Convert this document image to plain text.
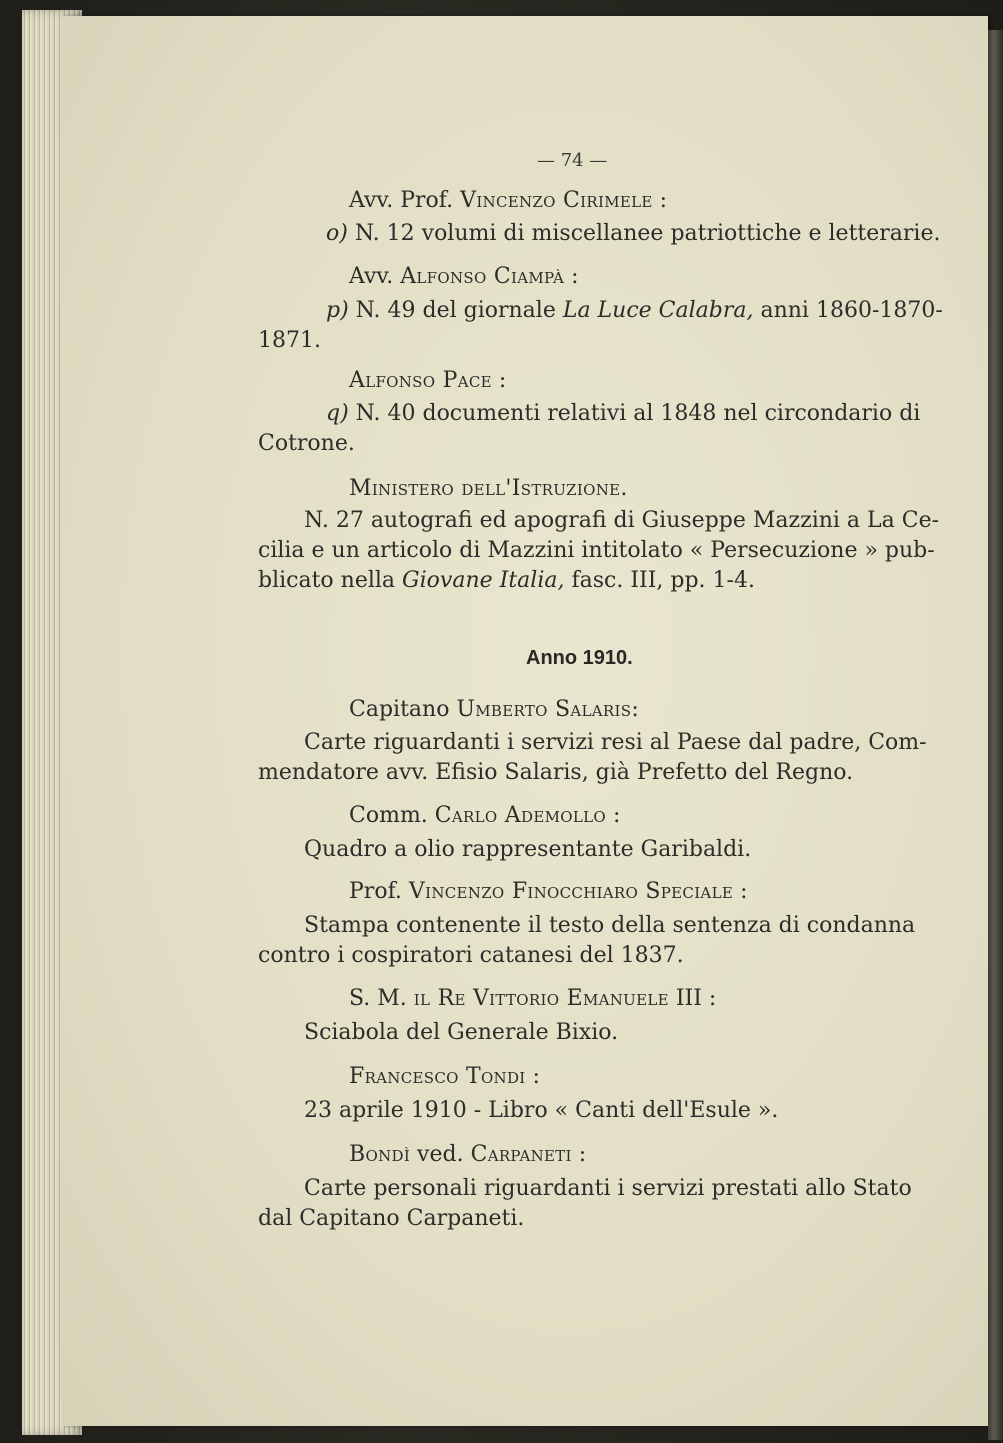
— 74 —
Avv. Prof. Vincenzo Cirimele :
o) N. 12 volumi di miscellanee patriottiche e letterarie.
Avv. Alfonso Ciampà :
p) N. 49 del giornale La Luce Calabra, anni 1860-1870-
1871.
Alfonso Pace :
q) N. 40 documenti relativi al 1848 nel circondario di
Cotrone.
Ministero dell'Istruzione.
N. 27 autografi ed apografi di Giuseppe Mazzini a La Ce-
cilia e un articolo di Mazzini intitolato « Persecuzione » pub-
blicato nella Giovane Italia, fasc. III, pp. 1-4.
Anno 1910.
Capitano Umberto Salaris:
Carte riguardanti i servizi resi al Paese dal padre, Com-
mendatore avv. Efisio Salaris, già Prefetto del Regno.
Comm. Carlo Ademollo :
Quadro a olio rappresentante Garibaldi.
Prof. Vincenzo Finocchiaro Speciale :
Stampa contenente il testo della sentenza di condanna
contro i cospiratori catanesi del 1837.
S. M. il Re Vittorio Emanuele III :
Sciabola del Generale Bixio.
Francesco Tondi :
23 aprile 1910 - Libro « Canti dell'Esule ».
Bondì ved. Carpaneti :
Carte personali riguardanti i servizi prestati allo Stato
dal Capitano Carpaneti.
